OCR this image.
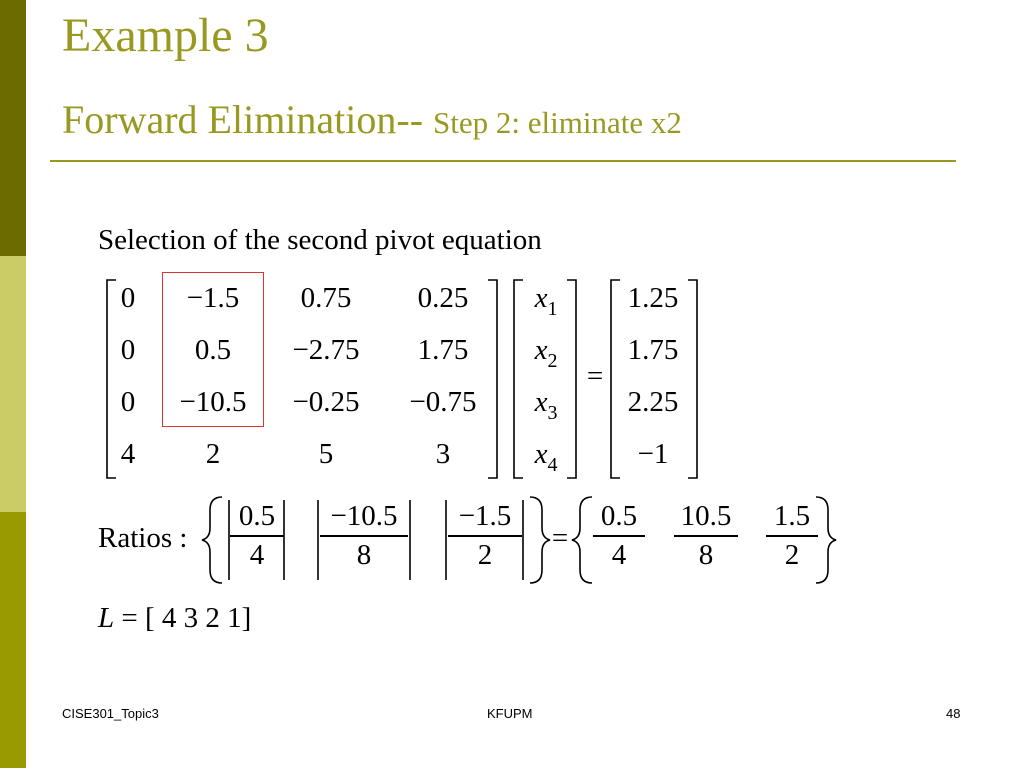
Example 3
Forward Elimination-- Step 2: eliminate x2
Selection of the second pivot equation
0	−1.5	0.75	0.25
0	0.5	−2.75	1.75
0	−10.5	−0.25	−0.75
4	2	5	3
$x_1$
$x_2$
$x_3$
$x_4$
=
1.25
1.75
2.25
−1
Ratios :
0.5
4
−10.5
8
−1.5
2
=
0.5
4
10.5
8
1.5
2
L = [ 4 3 2 1]
CISE301_Topic3	KFUPM	48
